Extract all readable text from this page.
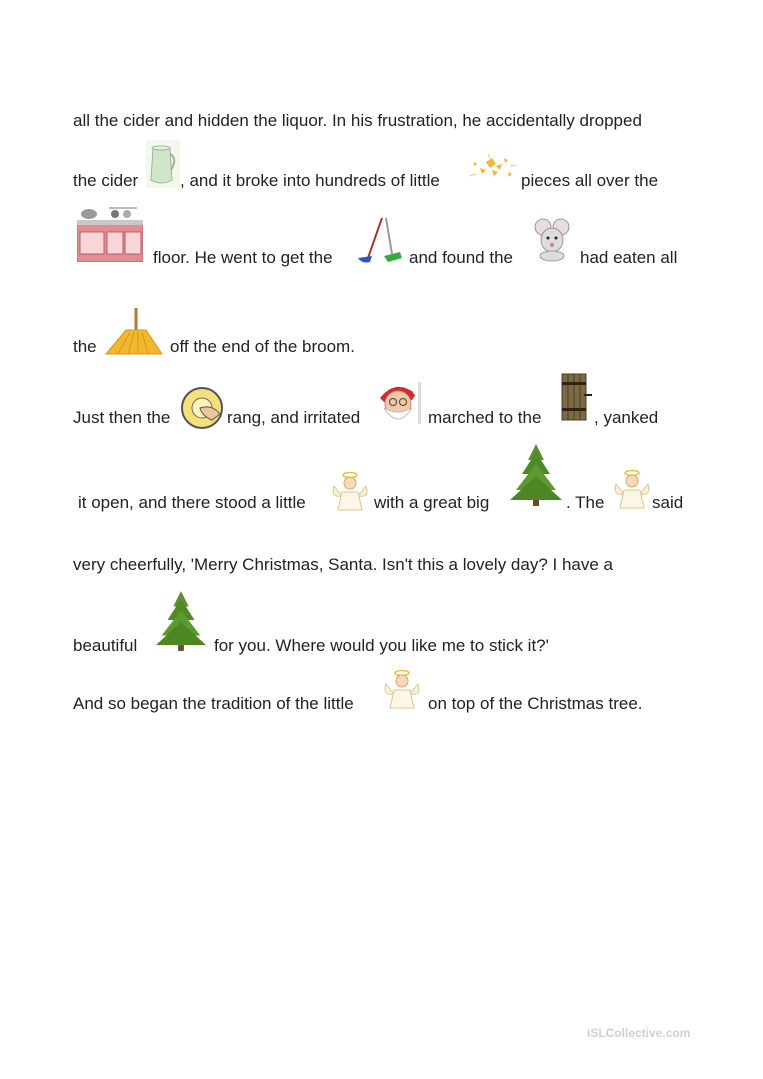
all the cider and hidden the liquor. In his frustration, he accidentally dropped
the cider , and it broke into hundreds of little	pieces all over the
floor. He went to get the	and found the	had eaten all
the	off the end of the broom.
Just then the	rang, and irritated	marched to the	, yanked
it open, and there stood a little	with a great big	. The	said
very cheerfully, 'Merry Christmas, Santa. Isn't this a lovely day? I have a
beautiful	for you. Where would you like me to stick it?'
And so began the tradition of the little	on top of the Christmas tree.
iSLCollective.com
